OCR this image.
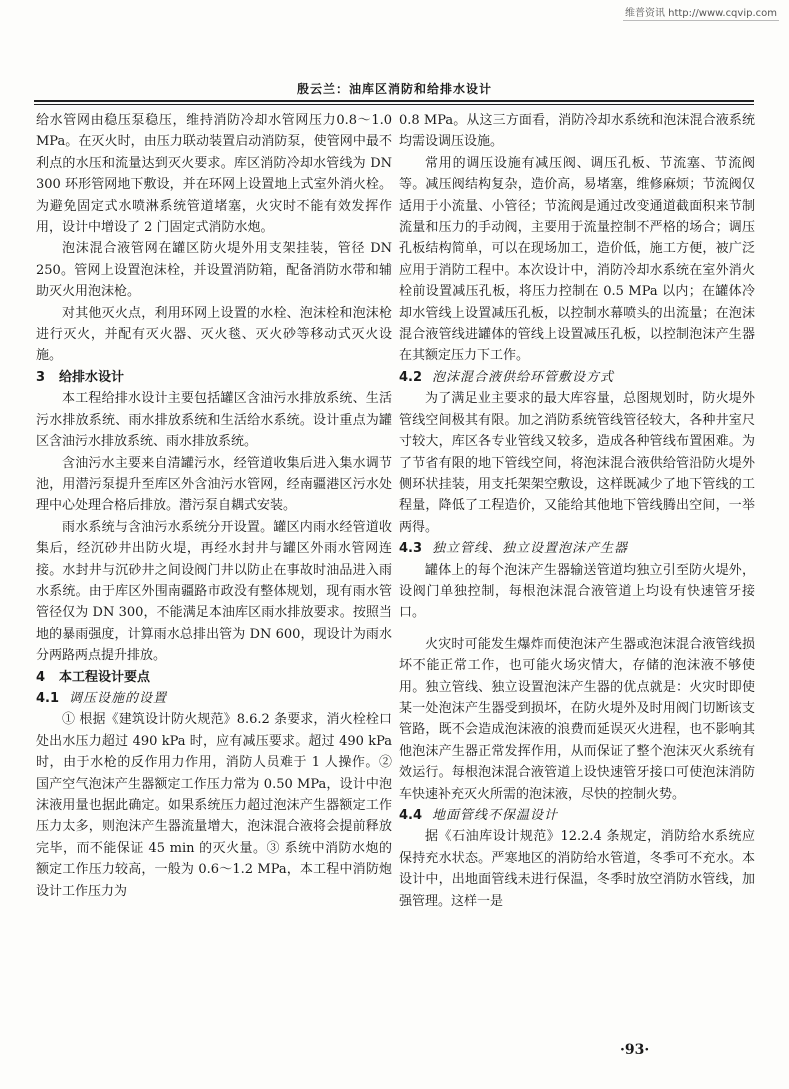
维普资讯 http://www.cqvip.com
殷云兰：油库区消防和给排水设计

给水管网由稳压泵稳压，维持消防冷却水管网压力0.8～1.0 MPa。在灭火时，由压力联动装置启动消防泵，使管网中最不利点的水压和流量达到灭火要求。库区消防冷却水管线为 DN 300 环形管网地下敷设，并在环网上设置地上式室外消火栓。为避免固定式水喷淋系统管道堵塞，火灾时不能有效发挥作用，设计中增设了 2 门固定式消防水炮。

泡沫混合液管网在罐区防火堤外用支架挂装，管径 DN 250。管网上设置泡沫栓，并设置消防箱，配备消防水带和辅助灭火用泡沫枪。

对其他灭火点，利用环网上设置的水栓、泡沫栓和泡沫枪进行灭火，并配有灭火器、灭火毯、灭火砂等移动式灭火设施。

3 给排水设计

本工程给排水设计主要包括罐区含油污水排放系统、生活污水排放系统、雨水排放系统和生活给水系统。设计重点为罐区含油污水排放系统、雨水排放系统。

含油污水主要来自清罐污水，经管道收集后进入集水调节池，用潜污泵提升至库区外含油污水管网，经南疆港区污水处理中心处理合格后排放。潜污泵自耦式安装。

雨水系统与含油污水系统分开设置。罐区内雨水经管道收集后，经沉砂井出防火堤，再经水封井与罐区外雨水管网连接。水封井与沉砂井之间设阀门井以防止在事故时油品进入雨水系统。由于库区外围南疆路市政没有整体规划，现有雨水管管径仅为 DN 300，不能满足本油库区雨水排放要求。按照当地的暴雨强度，计算雨水总排出管为 DN 600，现设计为雨水分两路两点提升排放。

4 本工程设计要点
4.1 调压设施的设置

① 根据《建筑设计防火规范》8.6.2 条要求，消火栓栓口处出水压力超过 490 kPa 时，应有减压要求。超过 490 kPa 时，由于水枪的反作用力作用，消防人员难于 1 人操作。② 国产空气泡沫产生器额定工作压力常为 0.50 MPa，设计中泡沫液用量也据此确定。如果系统压力超过泡沫产生器额定工作压力太多，则泡沫产生器流量增大，泡沫混合液将会提前释放完毕，而不能保证 45 min 的灭火量。③ 系统中消防水炮的额定工作压力较高，一般为 0.6～1.2 MPa，本工程中消防炮设计工作压力为

0.8 MPa。从这三方面看，消防冷却水系统和泡沫混合液系统均需设调压设施。

常用的调压设施有减压阀、调压孔板、节流塞、节流阀等。减压阀结构复杂，造价高，易堵塞，维修麻烦；节流阀仅适用于小流量、小管径；节流阀是通过改变通道截面积来节制流量和压力的手动阀，主要用于流量控制不严格的场合；调压孔板结构简单，可以在现场加工，造价低，施工方便，被广泛应用于消防工程中。本次设计中，消防冷却水系统在室外消火栓前设置减压孔板，将压力控制在 0.5 MPa 以内；在罐体冷却水管线上设置减压孔板，以控制水幕喷头的出流量；在泡沫混合液管线进罐体的管线上设置减压孔板，以控制泡沫产生器在其额定压力下工作。

4.2 泡沫混合液供给环管敷设方式

为了满足业主要求的最大库容量，总图规划时，防火堤外管线空间极其有限。加之消防系统管线管径较大，各种井室尺寸较大，库区各专业管线又较多，造成各种管线布置困难。为了节省有限的地下管线空间，将泡沫混合液供给管沿防火堤外侧环状挂装，用支托架架空敷设，这样既减少了地下管线的工程量，降低了工程造价，又能给其他地下管线腾出空间，一举两得。

4.3 独立管线、独立设置泡沫产生器

罐体上的每个泡沫产生器输送管道均独立引至防火堤外，设阀门单独控制，每根泡沫混合液管道上均设有快速管牙接口。

火灾时可能发生爆炸而使泡沫产生器或泡沫混合液管线损坏不能正常工作，也可能火场灾情大，存储的泡沫液不够使用。独立管线、独立设置泡沫产生器的优点就是：火灾时即使某一处泡沫产生器受到损坏，在防火堤外及时用阀门切断该支管路，既不会造成泡沫液的浪费而延误灭火进程，也不影响其他泡沫产生器正常发挥作用，从而保证了整个泡沫灭火系统有效运行。每根泡沫混合液管道上设快速管牙接口可使泡沫消防车快速补充灭火所需的泡沫液，尽快的控制火势。

4.4 地面管线不保温设计

据《石油库设计规范》12.2.4 条规定，消防给水系统应保持充水状态。严寒地区的消防给水管道，冬季可不充水。本设计中，出地面管线未进行保温，冬季时放空消防水管线，加强管理。这样一是

·93·
